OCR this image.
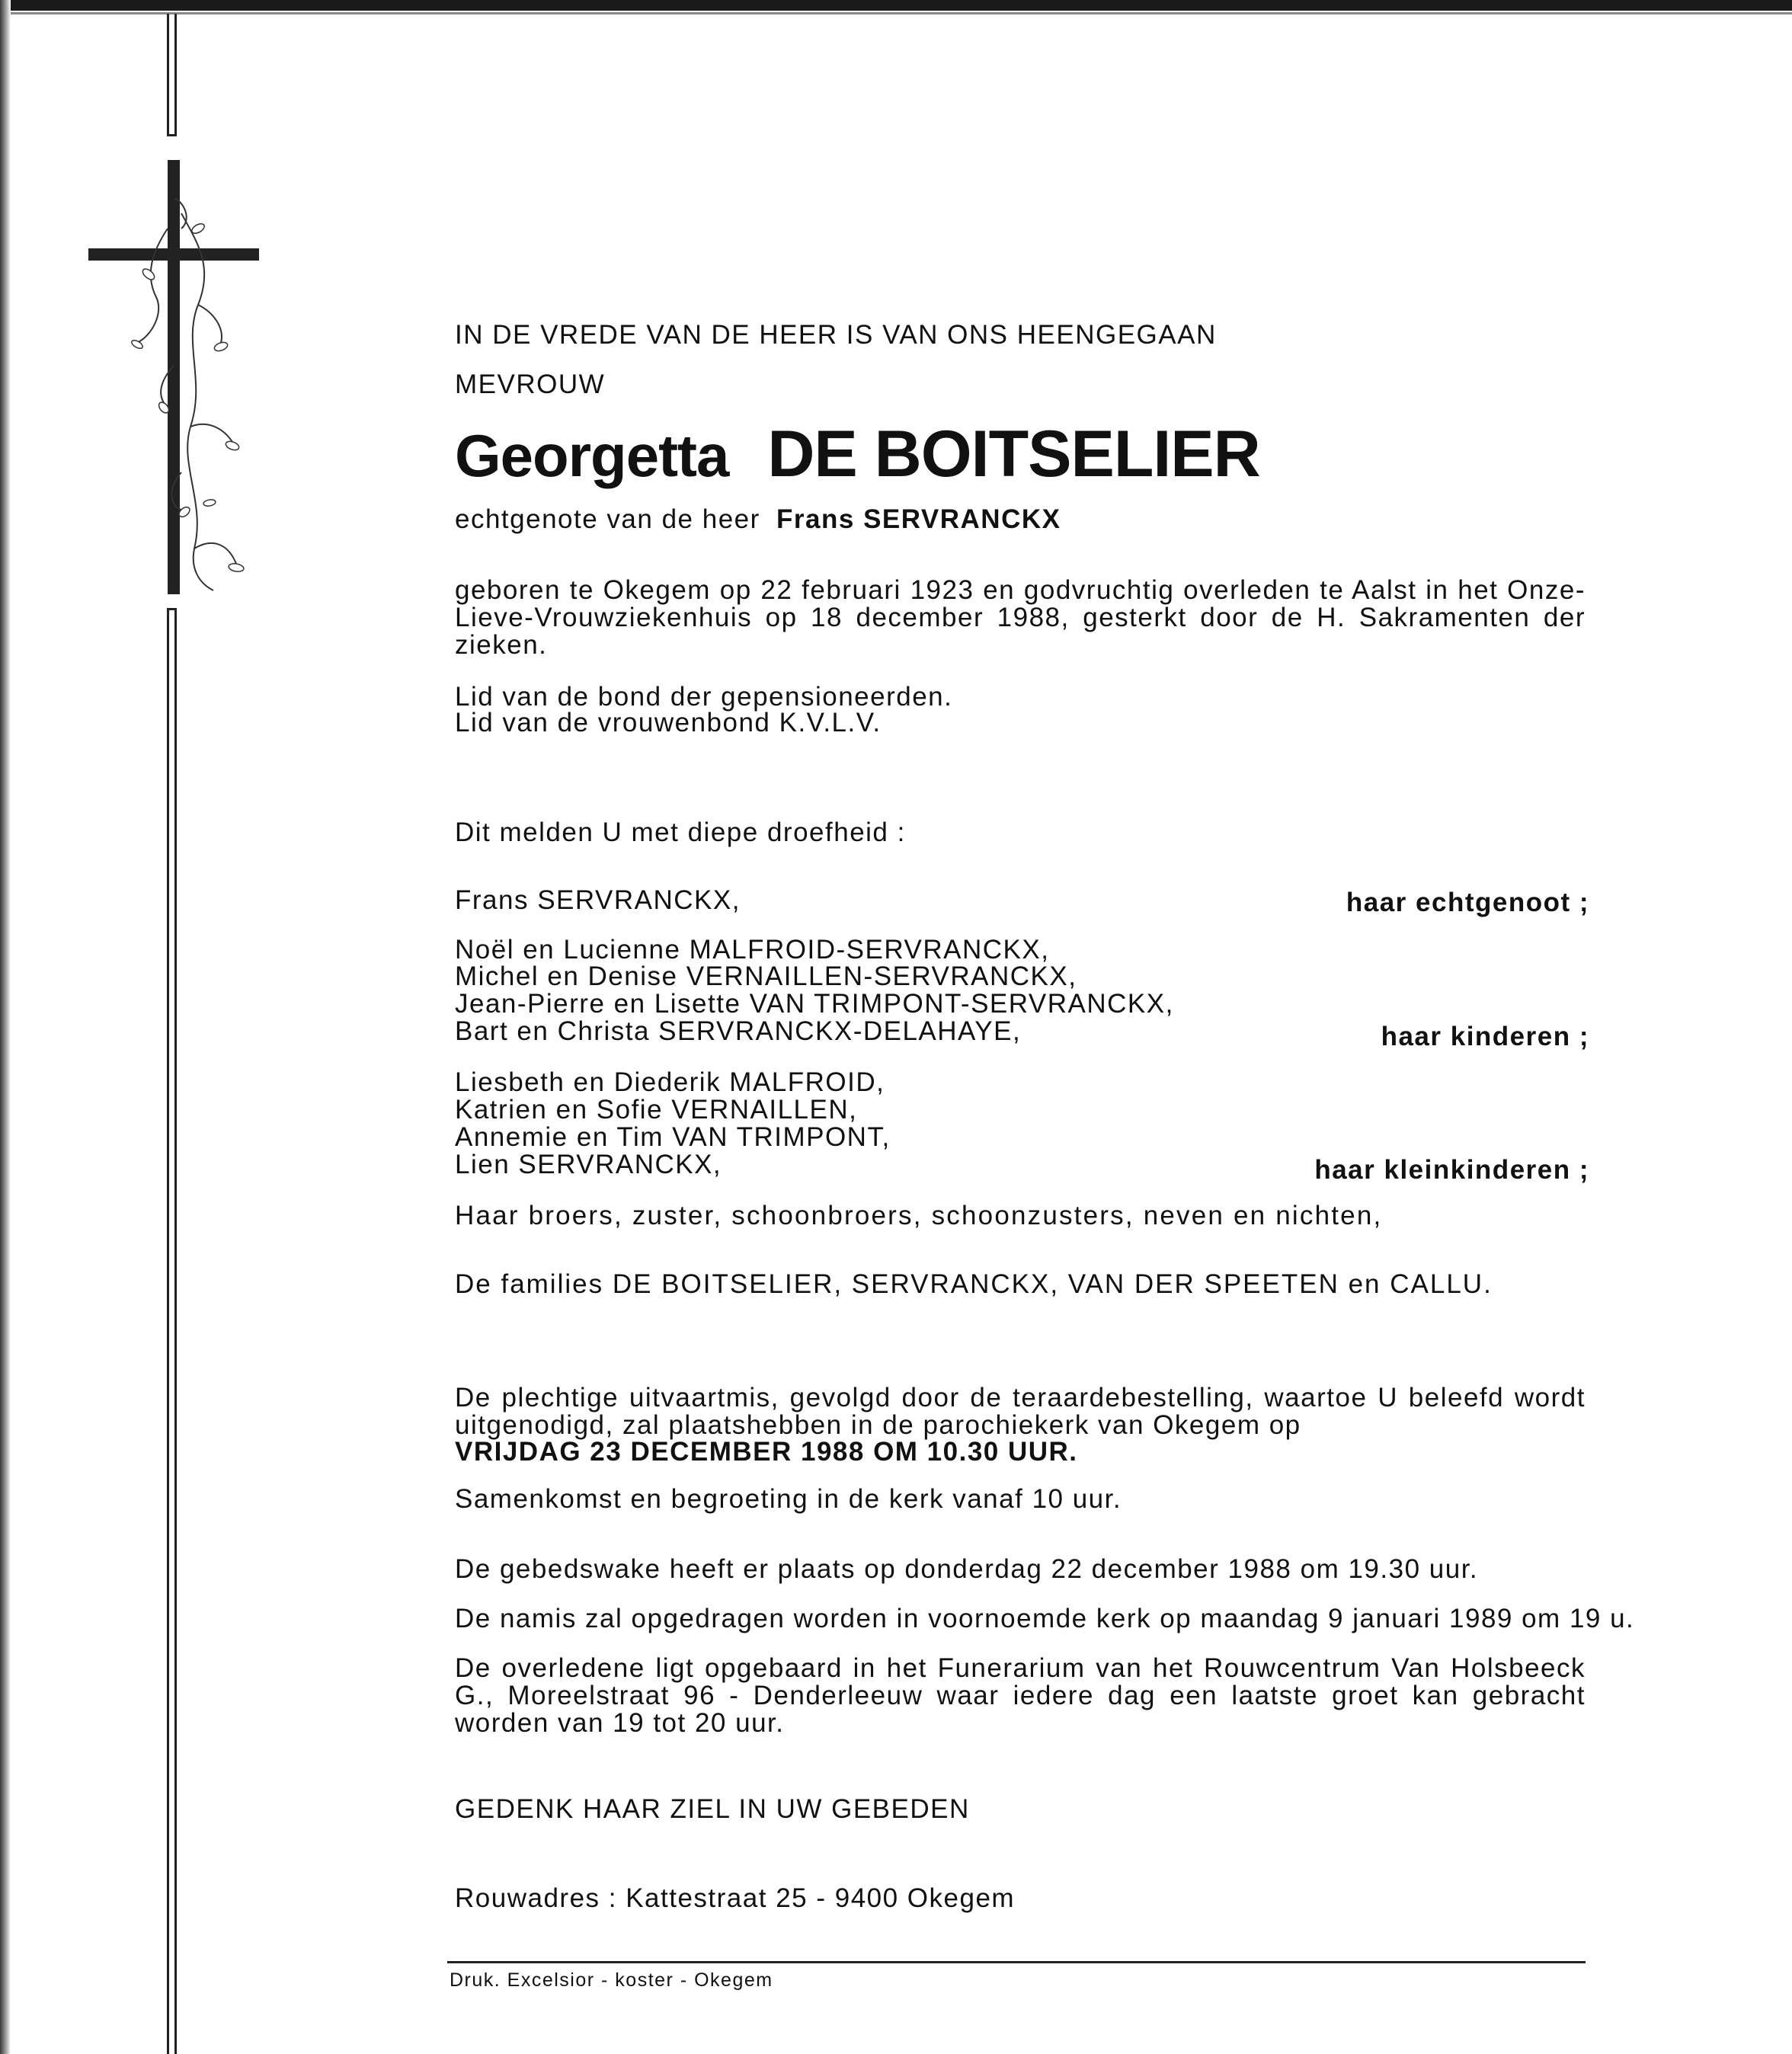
IN DE VREDE VAN DE HEER IS VAN ONS HEENGEGAAN
MEVROUW
Georgetta DE BOITSELIER
echtgenote van de heer Frans SERVRANCKX
geboren te Okegem op 22 februari 1923 en godvruchtig overleden te Aalst in het Onze-Lieve-Vrouwziekenhuis op 18 december 1988, gesterkt door de H. Sakramenten der zieken.
Lid van de bond der gepensioneerden.
Lid van de vrouwenbond K.V.L.V.
Dit melden U met diepe droefheid :
Frans SERVRANCKX,	haar echtgenoot ;
Noël en Lucienne MALFROID-SERVRANCKX,
Michel en Denise VERNAILLEN-SERVRANCKX,
Jean-Pierre en Lisette VAN TRIMPONT-SERVRANCKX,
Bart en Christa SERVRANCKX-DELAHAYE,	haar kinderen ;
Liesbeth en Diederik MALFROID,
Katrien en Sofie VERNAILLEN,
Annemie en Tim VAN TRIMPONT,
Lien SERVRANCKX,	haar kleinkinderen ;
Haar broers, zuster, schoonbroers, schoonzusters, neven en nichten,
De families DE BOITSELIER, SERVRANCKX, VAN DER SPEETEN en CALLU.
De plechtige uitvaartmis, gevolgd door de teraardebestelling, waartoe U beleefd wordt uitgenodigd, zal plaatshebben in de parochiekerk van Okegem op
VRIJDAG 23 DECEMBER 1988 OM 10.30 UUR.
Samenkomst en begroeting in de kerk vanaf 10 uur.
De gebedswake heeft er plaats op donderdag 22 december 1988 om 19.30 uur.
De namis zal opgedragen worden in voornoemde kerk op maandag 9 januari 1989 om 19 u.
De overledene ligt opgebaard in het Funerarium van het Rouwcentrum Van Holsbeeck G., Moreelstraat 96 - Denderleeuw waar iedere dag een laatste groet kan gebracht worden van 19 tot 20 uur.
GEDENK HAAR ZIEL IN UW GEBEDEN
Rouwadres : Kattestraat 25 - 9400 Okegem
Druk. Excelsior - koster - Okegem
